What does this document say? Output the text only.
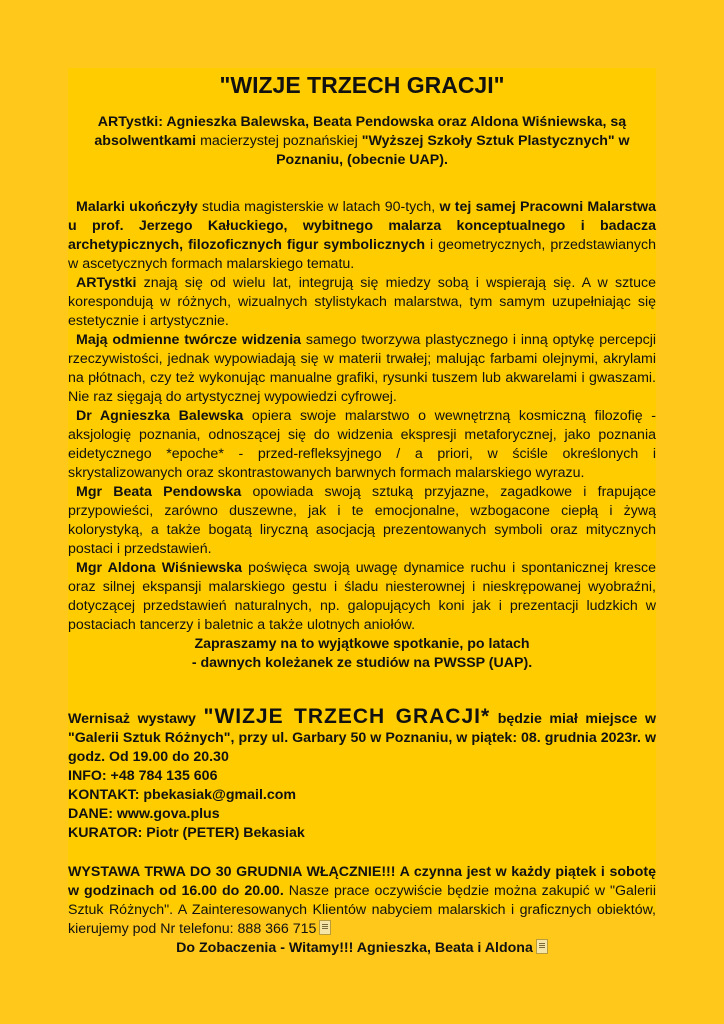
"WIZJE TRZECH GRACJI"
ARTystki: Agnieszka Balewska, Beata Pendowska oraz Aldona Wiśniewska, są absolwentkami macierzystej poznańskiej "Wyższej Szkoły Sztuk Plastycznych" w Poznaniu, (obecnie UAP).
Malarki ukończyły studia magisterskie w latach 90-tych, w tej samej Pracowni Malarstwa u prof. Jerzego Kałuckiego, wybitnego malarza konceptualnego i badacza archetypicznych, filozoficznych figur symbolicznych i geometrycznych, przedstawianych w ascetycznych formach malarskiego tematu.
ARTystki znają się od wielu lat, integrują się miedzy sobą i wspierają się. A w sztuce korespondują w różnych, wizualnych stylistykach malarstwa, tym samym uzupełniając się estetycznie i artystycznie.
Mają odmienne twórcze widzenia samego tworzywa plastycznego i inną optykę percepcji rzeczywistości, jednak wypowiadają się w materii trwałej; malując farbami olejnymi, akrylami na płótnach, czy też wykonując manualne grafiki, rysunki tuszem lub akwarelami i gwaszami. Nie raz sięgają do artystycznej wypowiedzi cyfrowej.
Dr Agnieszka Balewska opiera swoje malarstwo o wewnętrzną kosmiczną filozofię - aksjologię poznania, odnoszącej się do widzenia ekspresji metaforycznej, jako poznania eidetycznego *epoche* - przed-refleksyjnego / a priori, w ściśle określonych i skrystalizowanych oraz skontrastowanych barwnych formach malarskiego wyrazu.
Mgr Beata Pendowska opowiada swoją sztuką przyjazne, zagadkowe i frapujące przypowieści, zarówno duszewne, jak i te emocjonalne, wzbogacone ciepłą i żywą kolorystyką, a także bogatą liryczną asocjacją prezentowanych symboli oraz mitycznych postaci i przedstawień.
Mgr Aldona Wiśniewska poświęca swoją uwagę dynamice ruchu i spontanicznej kresce oraz silnej ekspansji malarskiego gestu i śladu niesterownej i nieskrępowanej wyobraźni, dotyczącej przedstawień naturalnych, np. galopujących koni jak i prezentacji ludzkich w postaciach tancerzy i baletnic a także ulotnych aniołów.
Zapraszamy na to wyjątkowe spotkanie, po latach
- dawnych koleżanek ze studiów na PWSSP (UAP).
Wernisaż wystawy "WIZJE TRZECH GRACJI* będzie miał miejsce w "Galerii Sztuk Różnych", przy ul. Garbary 50 w Poznaniu, w piątek: 08. grudnia 2023r. w godz. Od 19.00 do 20.30
INFO: +48 784 135 606
KONTAKT: pbekasiak@gmail.com
DANE: www.gova.plus
KURATOR: Piotr (PETER) Bekasiak
WYSTAWA TRWA DO 30 GRUDNIA WŁĄCZNIE!!! A czynna jest w każdy piątek i sobotę w godzinach od 16.00 do 20.00. Nasze prace oczywiście będzie można zakupić w "Galerii Sztuk Różnych". A Zainteresowanych Klientów nabyciem malarskich i graficznych obiektów, kierujemy pod Nr telefonu: 888 366 715
Do Zobaczenia - Witamy!!! Agnieszka, Beata i Aldona
